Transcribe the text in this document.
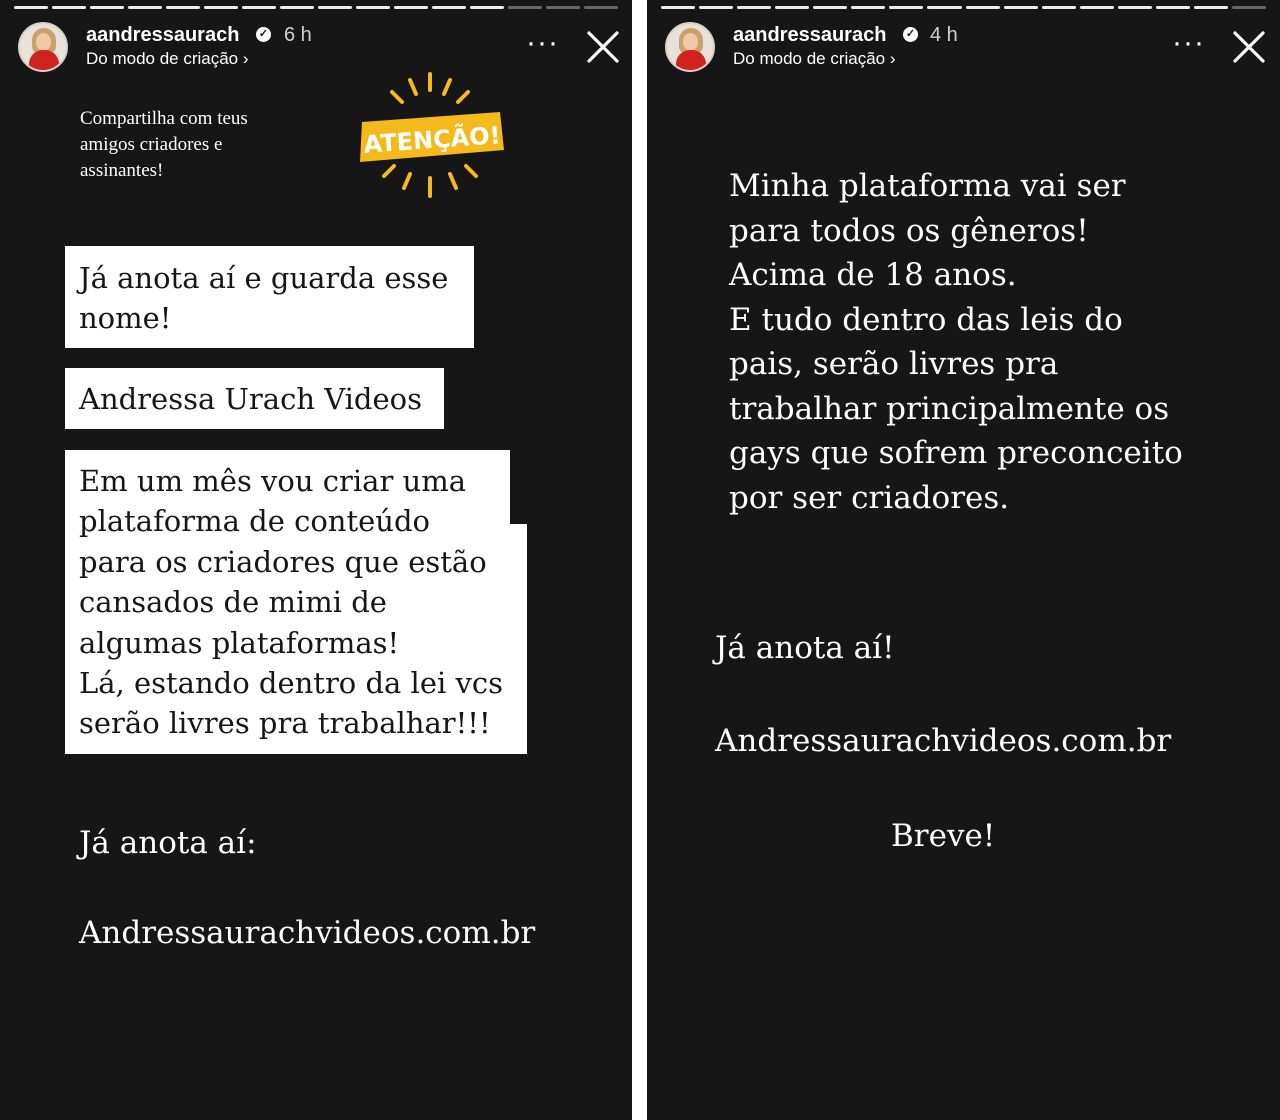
aandressaurach ✓ 6 h
Do modo de criação ›	···
Compartilha com teus
amigos criadores e
assinantes!
ATENÇÃO!
Já anota aí e guarda esse
nome!
Andressa Urach Videos
Em um mês vou criar uma
plataforma de conteúdo
para os criadores que estão
cansados de mimi de
algumas plataformas!
Lá, estando dentro da lei vcs
serão livres pra trabalhar!!!
Já anota aí:
Andressaurachvideos.com.br
aandressaurach ✓ 4 h
Do modo de criação ›	···
Minha plataforma vai ser
para todos os gêneros!
Acima de 18 anos.
E tudo dentro das leis do
pais, serão livres pra
trabalhar principalmente os
gays que sofrem preconceito
por ser criadores.
Já anota aí!
Andressaurachvideos.com.br
Breve!
